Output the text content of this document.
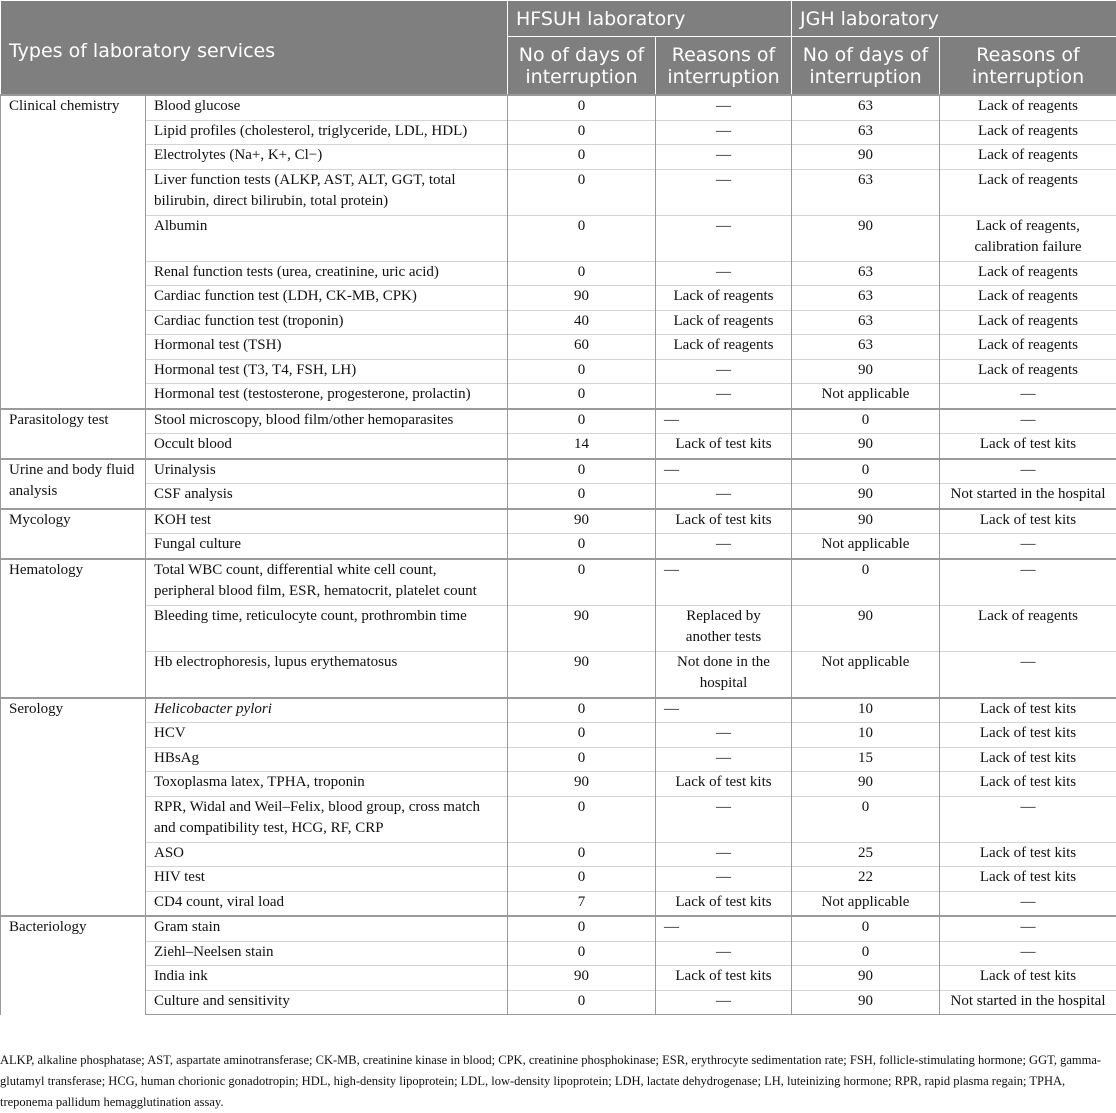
Types of laboratory services		HFSUH laboratory		JGH laboratory	
		No of days of interruption	Reasons of interruption	No of days of interruption	Reasons of interruption
Clinical chemistry	Blood glucose	0	—	63	Lack of reagents
	Lipid profiles (cholesterol, triglyceride, LDL, HDL)	0	—	63	Lack of reagents
	Electrolytes (Na+, K+, Cl−)	0	—	90	Lack of reagents
	Liver function tests (ALKP, AST, ALT, GGT, total bilirubin, direct bilirubin, total protein)	0	—	63	Lack of reagents
	Albumin	0	—	90	Lack of reagents, calibration failure
	Renal function tests (urea, creatinine, uric acid)	0	—	63	Lack of reagents
	Cardiac function test (LDH, CK-MB, CPK)	90	Lack of reagents	63	Lack of reagents
	Cardiac function test (troponin)	40	Lack of reagents	63	Lack of reagents
	Hormonal test (TSH)	60	Lack of reagents	63	Lack of reagents
	Hormonal test (T3, T4, FSH, LH)	0	—	90	Lack of reagents
	Hormonal test (testosterone, progesterone, prolactin)	0	—	Not applicable	—
Parasitology test	Stool microscopy, blood film/other hemoparasites	0	—	0	—
	Occult blood	14	Lack of test kits	90	Lack of test kits
Urine and body fluid analysis	Urinalysis	0	—	0	—
	CSF analysis	0	—	90	Not started in the hospital
Mycology	KOH test	90	Lack of test kits	90	Lack of test kits
	Fungal culture	0	—	Not applicable	—
Hematology	Total WBC count, differential white cell count, peripheral blood film, ESR, hematocrit, platelet count	0	—	0	—
	Bleeding time, reticulocyte count, prothrombin time	90	Replaced by another tests	90	Lack of reagents
	Hb electrophoresis, lupus erythematosus	90	Not done in the hospital	Not applicable	—
Serology	Helicobacter pylori	0	—	10	Lack of test kits
	HCV	0	—	10	Lack of test kits
	HBsAg	0	—	15	Lack of test kits
	Toxoplasma latex, TPHA, troponin	90	Lack of test kits	90	Lack of test kits
	RPR, Widal and Weil–Felix, blood group, cross match and compatibility test, HCG, RF, CRP	0	—	0	—
	ASO	0	—	25	Lack of test kits
	HIV test	0	—	22	Lack of test kits
	CD4 count, viral load	7	Lack of test kits	Not applicable	—
Bacteriology	Gram stain	0	—	0	—
	Ziehl–Neelsen stain	0	—	0	—
	India ink	90	Lack of test kits	90	Lack of test kits
	Culture and sensitivity	0	—	90	Not started in the hospital
ALKP, alkaline phosphatase; AST, aspartate aminotransferase; CK-MB, creatinine kinase in blood; CPK, creatinine phosphokinase; ESR, erythrocyte sedimentation rate; FSH, follicle-stimulating hormone; GGT, gamma-glutamyl transferase; HCG, human chorionic gonadotropin; HDL, high-density lipoprotein; LDL, low-density lipoprotein; LDH, lactate dehydrogenase; LH, luteinizing hormone; RPR, rapid plasma regain; TPHA, treponema pallidum hemagglutination assay.
